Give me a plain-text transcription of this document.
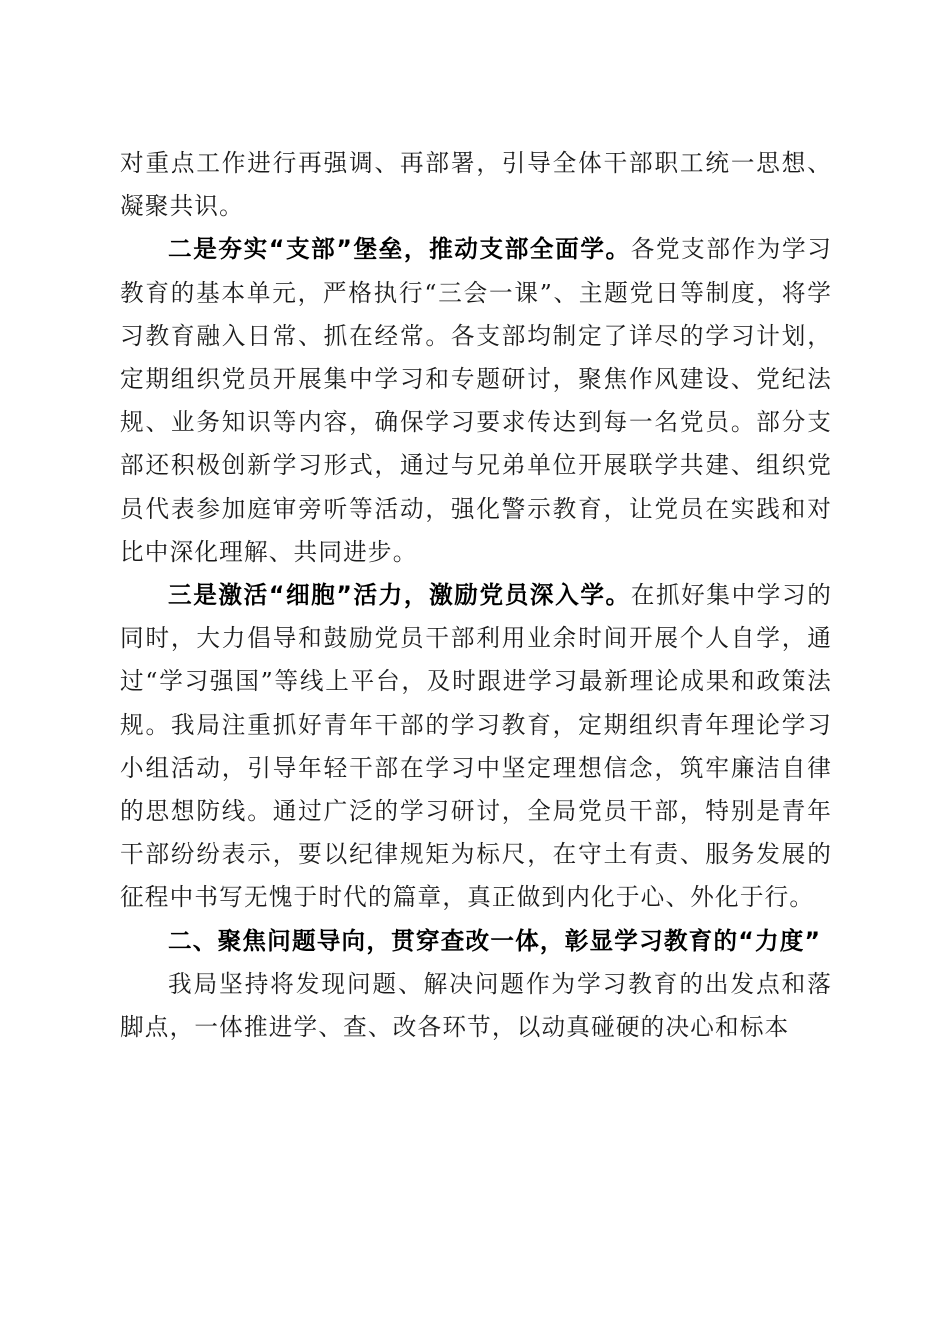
对重点工作进行再强调、再部署，引导全体干部职工统一思想、凝聚共识。

二是夯实“支部”堡垒，推动支部全面学。各党支部作为学习教育的基本单元，严格执行“三会一课”、主题党日等制度，将学习教育融入日常、抓在经常。各支部均制定了详尽的学习计划，定期组织党员开展集中学习和专题研讨，聚焦作风建设、党纪法规、业务知识等内容，确保学习要求传达到每一名党员。部分支部还积极创新学习形式，通过与兄弟单位开展联学共建、组织党员代表参加庭审旁听等活动，强化警示教育，让党员在实践和对比中深化理解、共同进步。

三是激活“细胞”活力，激励党员深入学。在抓好集中学习的同时，大力倡导和鼓励党员干部利用业余时间开展个人自学，通过“学习强国”等线上平台，及时跟进学习最新理论成果和政策法规。我局注重抓好青年干部的学习教育，定期组织青年理论学习小组活动，引导年轻干部在学习中坚定理想信念，筑牢廉洁自律的思想防线。通过广泛的学习研讨，全局党员干部，特别是青年干部纷纷表示，要以纪律规矩为标尺，在守土有责、服务发展的征程中书写无愧于时代的篇章，真正做到内化于心、外化于行。

二、聚焦问题导向，贯穿查改一体，彰显学习教育的“力度”

我局坚持将发现问题、解决问题作为学习教育的出发点和落脚点，一体推进学、查、改各环节，以动真碰硬的决心和标本
